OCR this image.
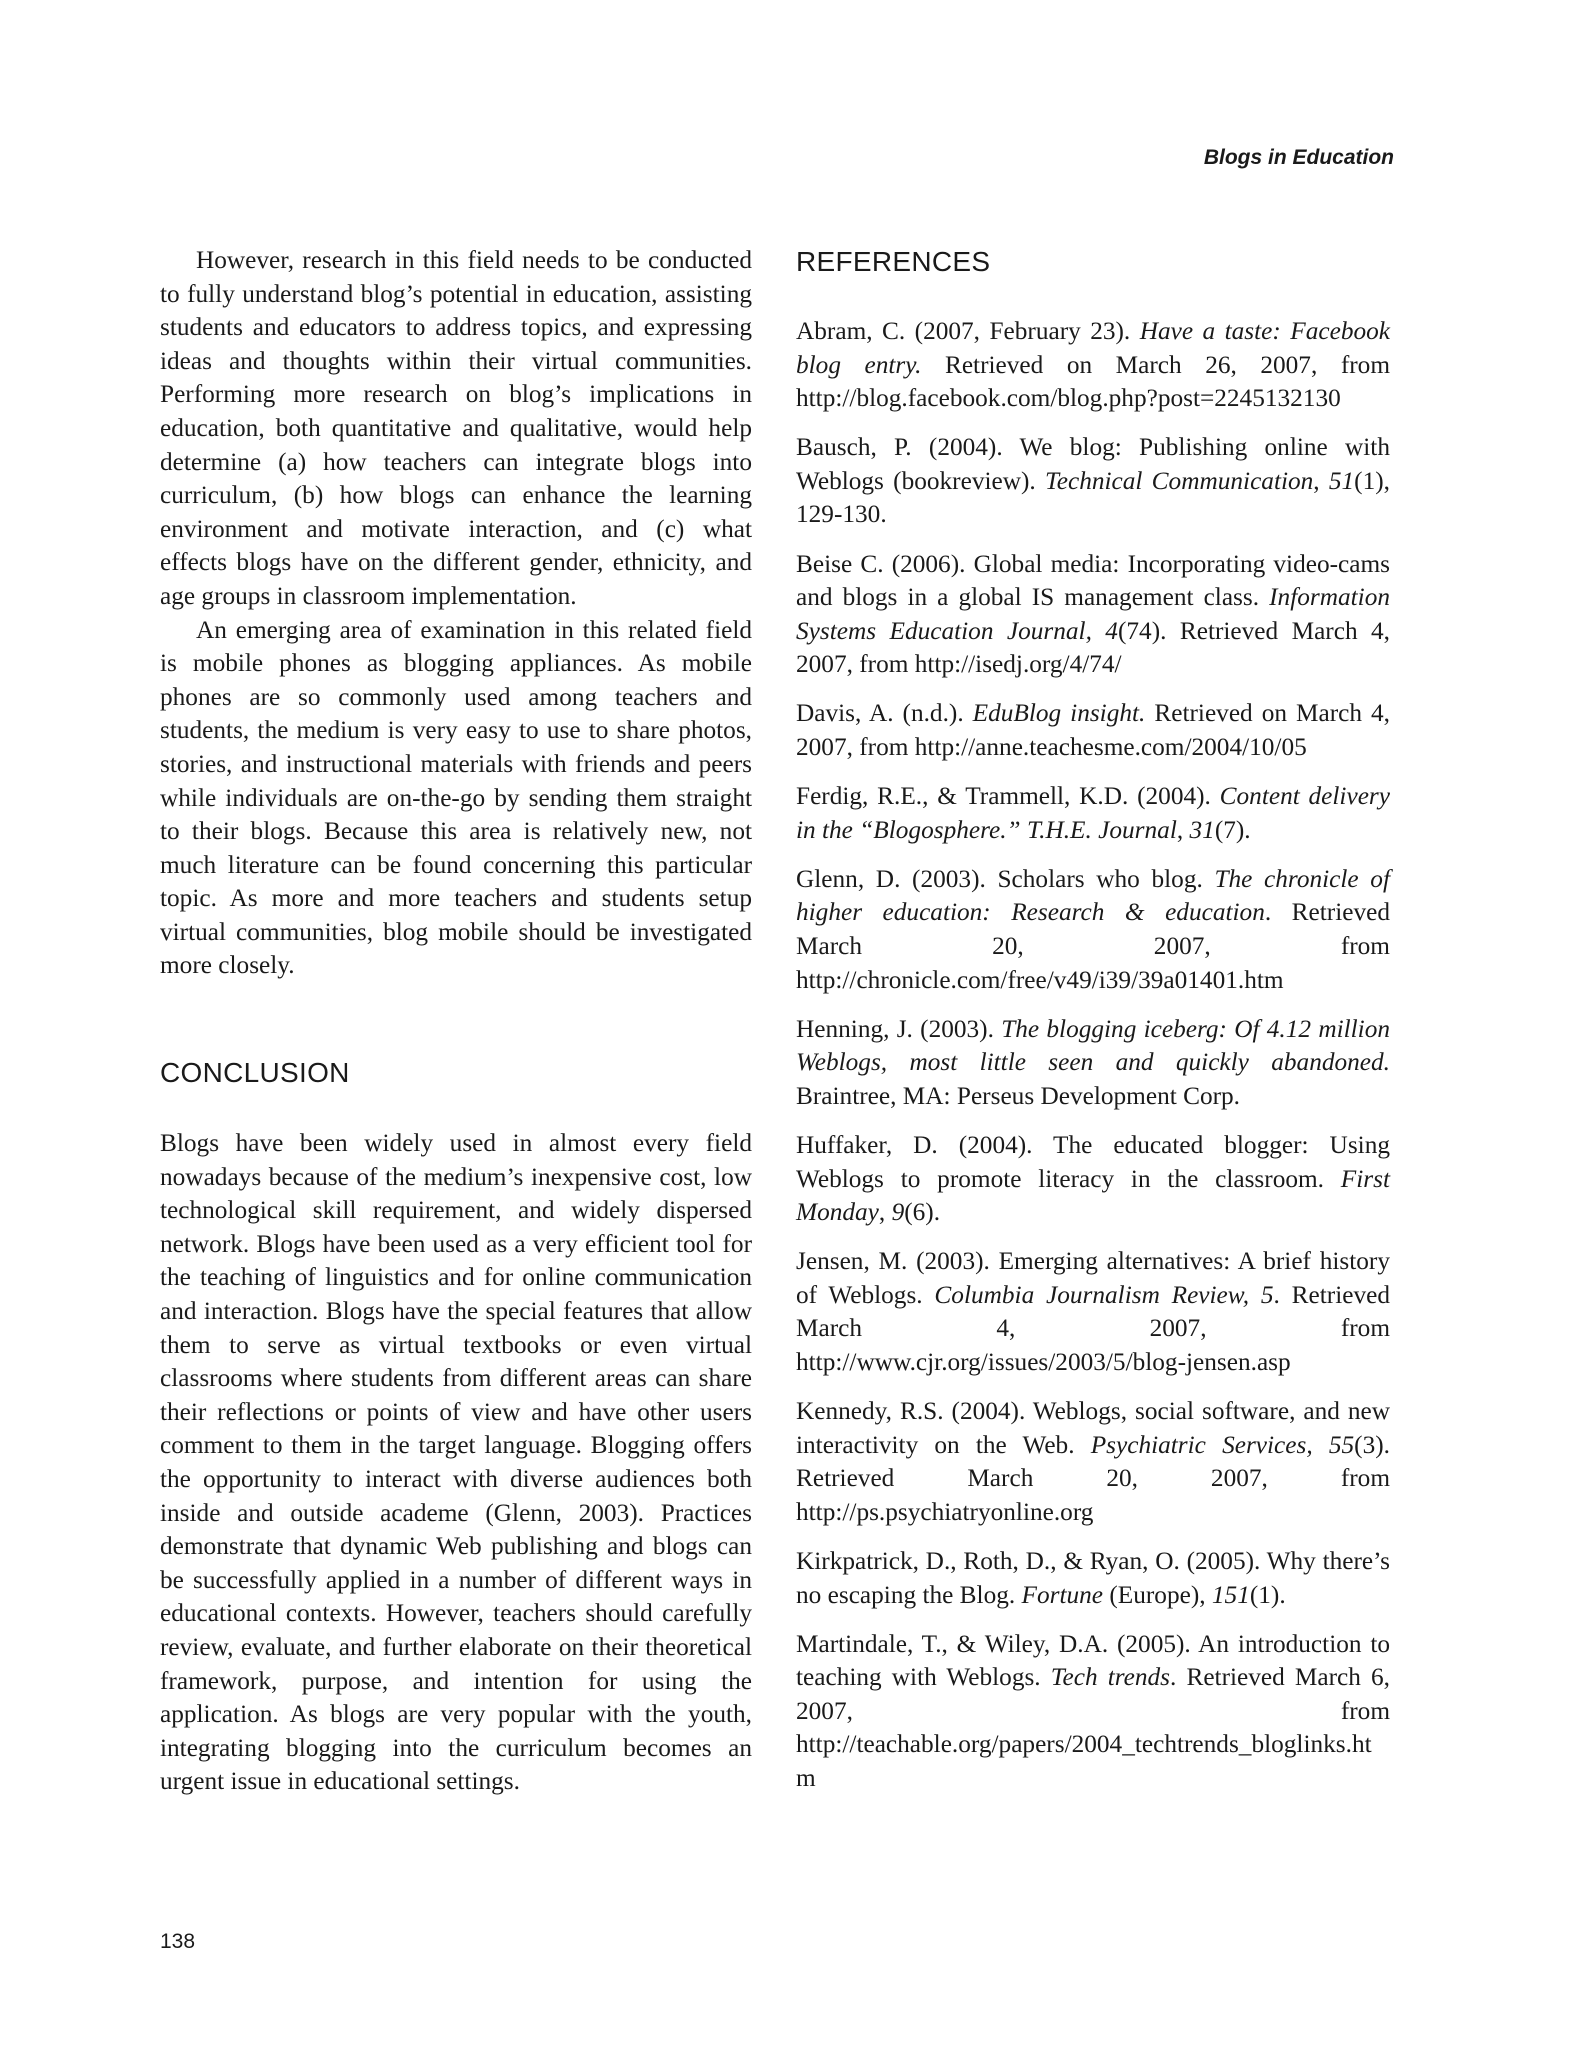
Blogs in Education

However, research in this field needs to be conducted to fully understand blog’s potential in education, assisting students and educators to address topics, and expressing ideas and thoughts within their virtual communities. Performing more research on blog’s implications in education, both quantitative and qualitative, would help determine (a) how teachers can integrate blogs into curriculum, (b) how blogs can enhance the learning environment and motivate interaction, and (c) what effects blogs have on the different gender, ethnicity, and age groups in classroom implementation.

An emerging area of examination in this related field is mobile phones as blogging appliances. As mobile phones are so commonly used among teachers and students, the medium is very easy to use to share photos, stories, and instructional materials with friends and peers while individuals are on-the-go by sending them straight to their blogs. Because this area is relatively new, not much literature can be found concerning this particular topic. As more and more teachers and students setup virtual communities, blog mobile should be investigated more closely.

CONCLUSION

Blogs have been widely used in almost every field nowadays because of the medium’s inexpensive cost, low technological skill requirement, and widely dispersed network. Blogs have been used as a very efficient tool for the teaching of linguistics and for online communication and interaction. Blogs have the special features that allow them to serve as virtual textbooks or even virtual classrooms where students from different areas can share their reflections or points of view and have other users comment to them in the target language. Blogging offers the opportunity to interact with diverse audiences both inside and outside academe (Glenn, 2003). Practices demonstrate that dynamic Web publishing and blogs can be successfully applied in a number of different ways in educational contexts. However, teachers should carefully review, evaluate, and further elaborate on their theoretical framework, purpose, and intention for using the application. As blogs are very popular with the youth, integrating blogging into the curriculum becomes an urgent issue in educational settings.

REFERENCES

Abram, C. (2007, February 23). Have a taste: Facebook blog entry. Retrieved on March 26, 2007, from http://blog.facebook.com/blog.php?post=2245132130

Bausch, P. (2004). We blog: Publishing online with Weblogs (bookreview). Technical Communication, 51(1), 129-130.

Beise C. (2006). Global media: Incorporating video-cams and blogs in a global IS management class. Information Systems Education Journal, 4(74). Retrieved March 4, 2007, from http://isedj.org/4/74/

Davis, A. (n.d.). EduBlog insight. Retrieved on March 4, 2007, from http://anne.teachesme.com/2004/10/05

Ferdig, R.E., & Trammell, K.D. (2004). Content delivery in the “Blogosphere.” T.H.E. Journal, 31(7).

Glenn, D. (2003). Scholars who blog. The chronicle of higher education: Research & education. Retrieved March 20, 2007, from http://chronicle.com/free/v49/i39/39a01401.htm

Henning, J. (2003). The blogging iceberg: Of 4.12 million Weblogs, most little seen and quickly abandoned. Braintree, MA: Perseus Development Corp.

Huffaker, D. (2004). The educated blogger: Using Weblogs to promote literacy in the classroom. First Monday, 9(6).

Jensen, M. (2003). Emerging alternatives: A brief history of Weblogs. Columbia Journalism Review, 5. Retrieved March 4, 2007, from http://www.cjr.org/issues/2003/5/blog-jensen.asp

Kennedy, R.S. (2004). Weblogs, social software, and new interactivity on the Web. Psychiatric Services, 55(3). Retrieved March 20, 2007, from http://ps.psychiatryonline.org

Kirkpatrick, D., Roth, D., & Ryan, O. (2005). Why there’s no escaping the Blog. Fortune (Europe), 151(1).

Martindale, T., & Wiley, D.A. (2005). An introduction to teaching with Weblogs. Tech trends. Retrieved March 6, 2007, from http://teachable.org/papers/2004_techtrends_bloglinks.htm

138
